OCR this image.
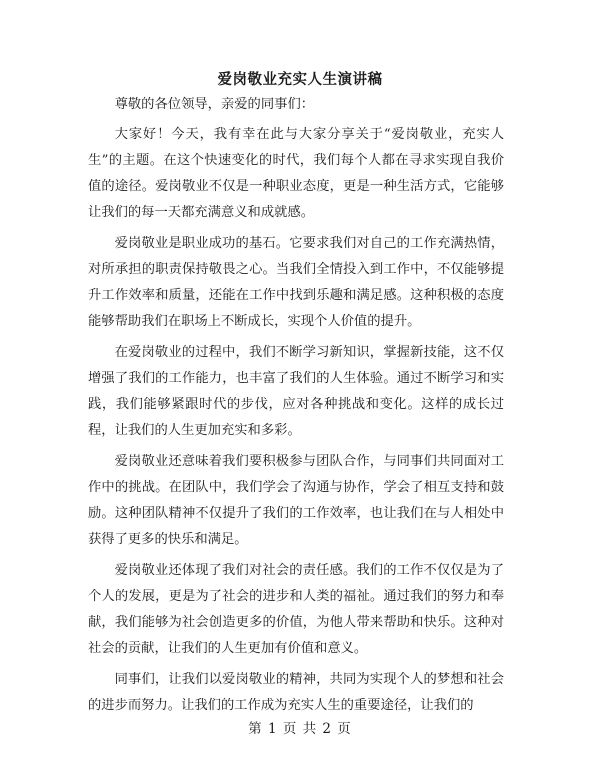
爱岗敬业充实人生演讲稿

尊敬的各位领导，亲爱的同事们：

大家好！今天，我有幸在此与大家分享关于“爱岗敬业，充实人生”的主题。在这个快速变化的时代，我们每个人都在寻求实现自我价值的途径。爱岗敬业不仅是一种职业态度，更是一种生活方式，它能够让我们的每一天都充满意义和成就感。

爱岗敬业是职业成功的基石。它要求我们对自己的工作充满热情，对所承担的职责保持敬畏之心。当我们全情投入到工作中，不仅能够提升工作效率和质量，还能在工作中找到乐趣和满足感。这种积极的态度能够帮助我们在职场上不断成长，实现个人价值的提升。

在爱岗敬业的过程中，我们不断学习新知识，掌握新技能，这不仅增强了我们的工作能力，也丰富了我们的人生体验。通过不断学习和实践，我们能够紧跟时代的步伐，应对各种挑战和变化。这样的成长过程，让我们的人生更加充实和多彩。

爱岗敬业还意味着我们要积极参与团队合作，与同事们共同面对工作中的挑战。在团队中，我们学会了沟通与协作，学会了相互支持和鼓励。这种团队精神不仅提升了我们的工作效率，也让我们在与人相处中获得了更多的快乐和满足。

爱岗敬业还体现了我们对社会的责任感。我们的工作不仅仅是为了个人的发展，更是为了社会的进步和人类的福祉。通过我们的努力和奉献，我们能够为社会创造更多的价值，为他人带来帮助和快乐。这种对社会的贡献，让我们的人生更加有价值和意义。

同事们，让我们以爱岗敬业的精神，共同为实现个人的梦想和社会的进步而努力。让我们的工作成为充实人生的重要途径，让我们的

第 1 页 共 2 页
